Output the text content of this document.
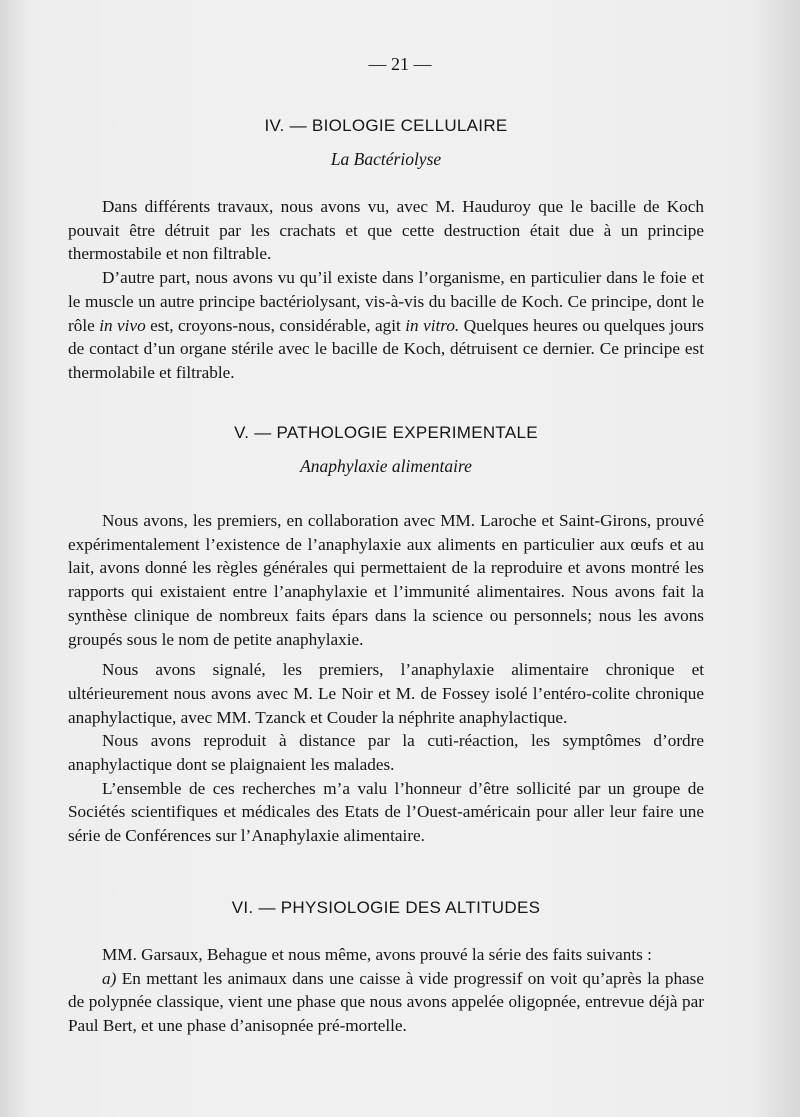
— 21 —
IV. — BIOLOGIE CELLULAIRE
La Bactériolyse

Dans différents travaux, nous avons vu, avec M. Hauduroy que le bacille de Koch pouvait être détruit par les crachats et que cette destruction était due à un principe thermostabile et non filtrable.

D’autre part, nous avons vu qu’il existe dans l’organisme, en particulier dans le foie et le muscle un autre principe bactériolysant, vis-à-vis du bacille de Koch. Ce principe, dont le rôle in vivo est, croyons-nous, considérable, agit in vitro. Quelques heures ou quelques jours de contact d’un organe stérile avec le bacille de Koch, détruisent ce dernier. Ce principe est thermolabile et filtrable.

V. — PATHOLOGIE EXPERIMENTALE
Anaphylaxie alimentaire

Nous avons, les premiers, en collaboration avec MM. Laroche et Saint-Girons, prouvé expérimentalement l’existence de l’anaphylaxie aux aliments en particulier aux œufs et au lait, avons donné les règles générales qui permettaient de la reproduire et avons montré les rapports qui existaient entre l’anaphylaxie et l’immunité alimentaires. Nous avons fait la synthèse clinique de nombreux faits épars dans la science ou personnels; nous les avons groupés sous le nom de petite anaphylaxie.

Nous avons signalé, les premiers, l’anaphylaxie alimentaire chronique et ultérieurement nous avons avec M. Le Noir et M. de Fossey isolé l’entéro-colite chronique anaphylactique, avec MM. Tzanck et Couder la néphrite anaphylactique.

Nous avons reproduit à distance par la cuti-réaction, les symptômes d’ordre anaphylactique dont se plaignaient les malades.

L’ensemble de ces recherches m’a valu l’honneur d’être sollicité par un groupe de Sociétés scientifiques et médicales des Etats de l’Ouest-américain pour aller leur faire une série de Conférences sur l’Anaphylaxie alimentaire.

VI. — PHYSIOLOGIE DES ALTITUDES

MM. Garsaux, Behague et nous même, avons prouvé la série des faits suivants :

a) En mettant les animaux dans une caisse à vide progressif on voit qu’après la phase de polypnée classique, vient une phase que nous avons appelée oligopnée, entrevue déjà par Paul Bert, et une phase d’anisopnée pré-mortelle.
